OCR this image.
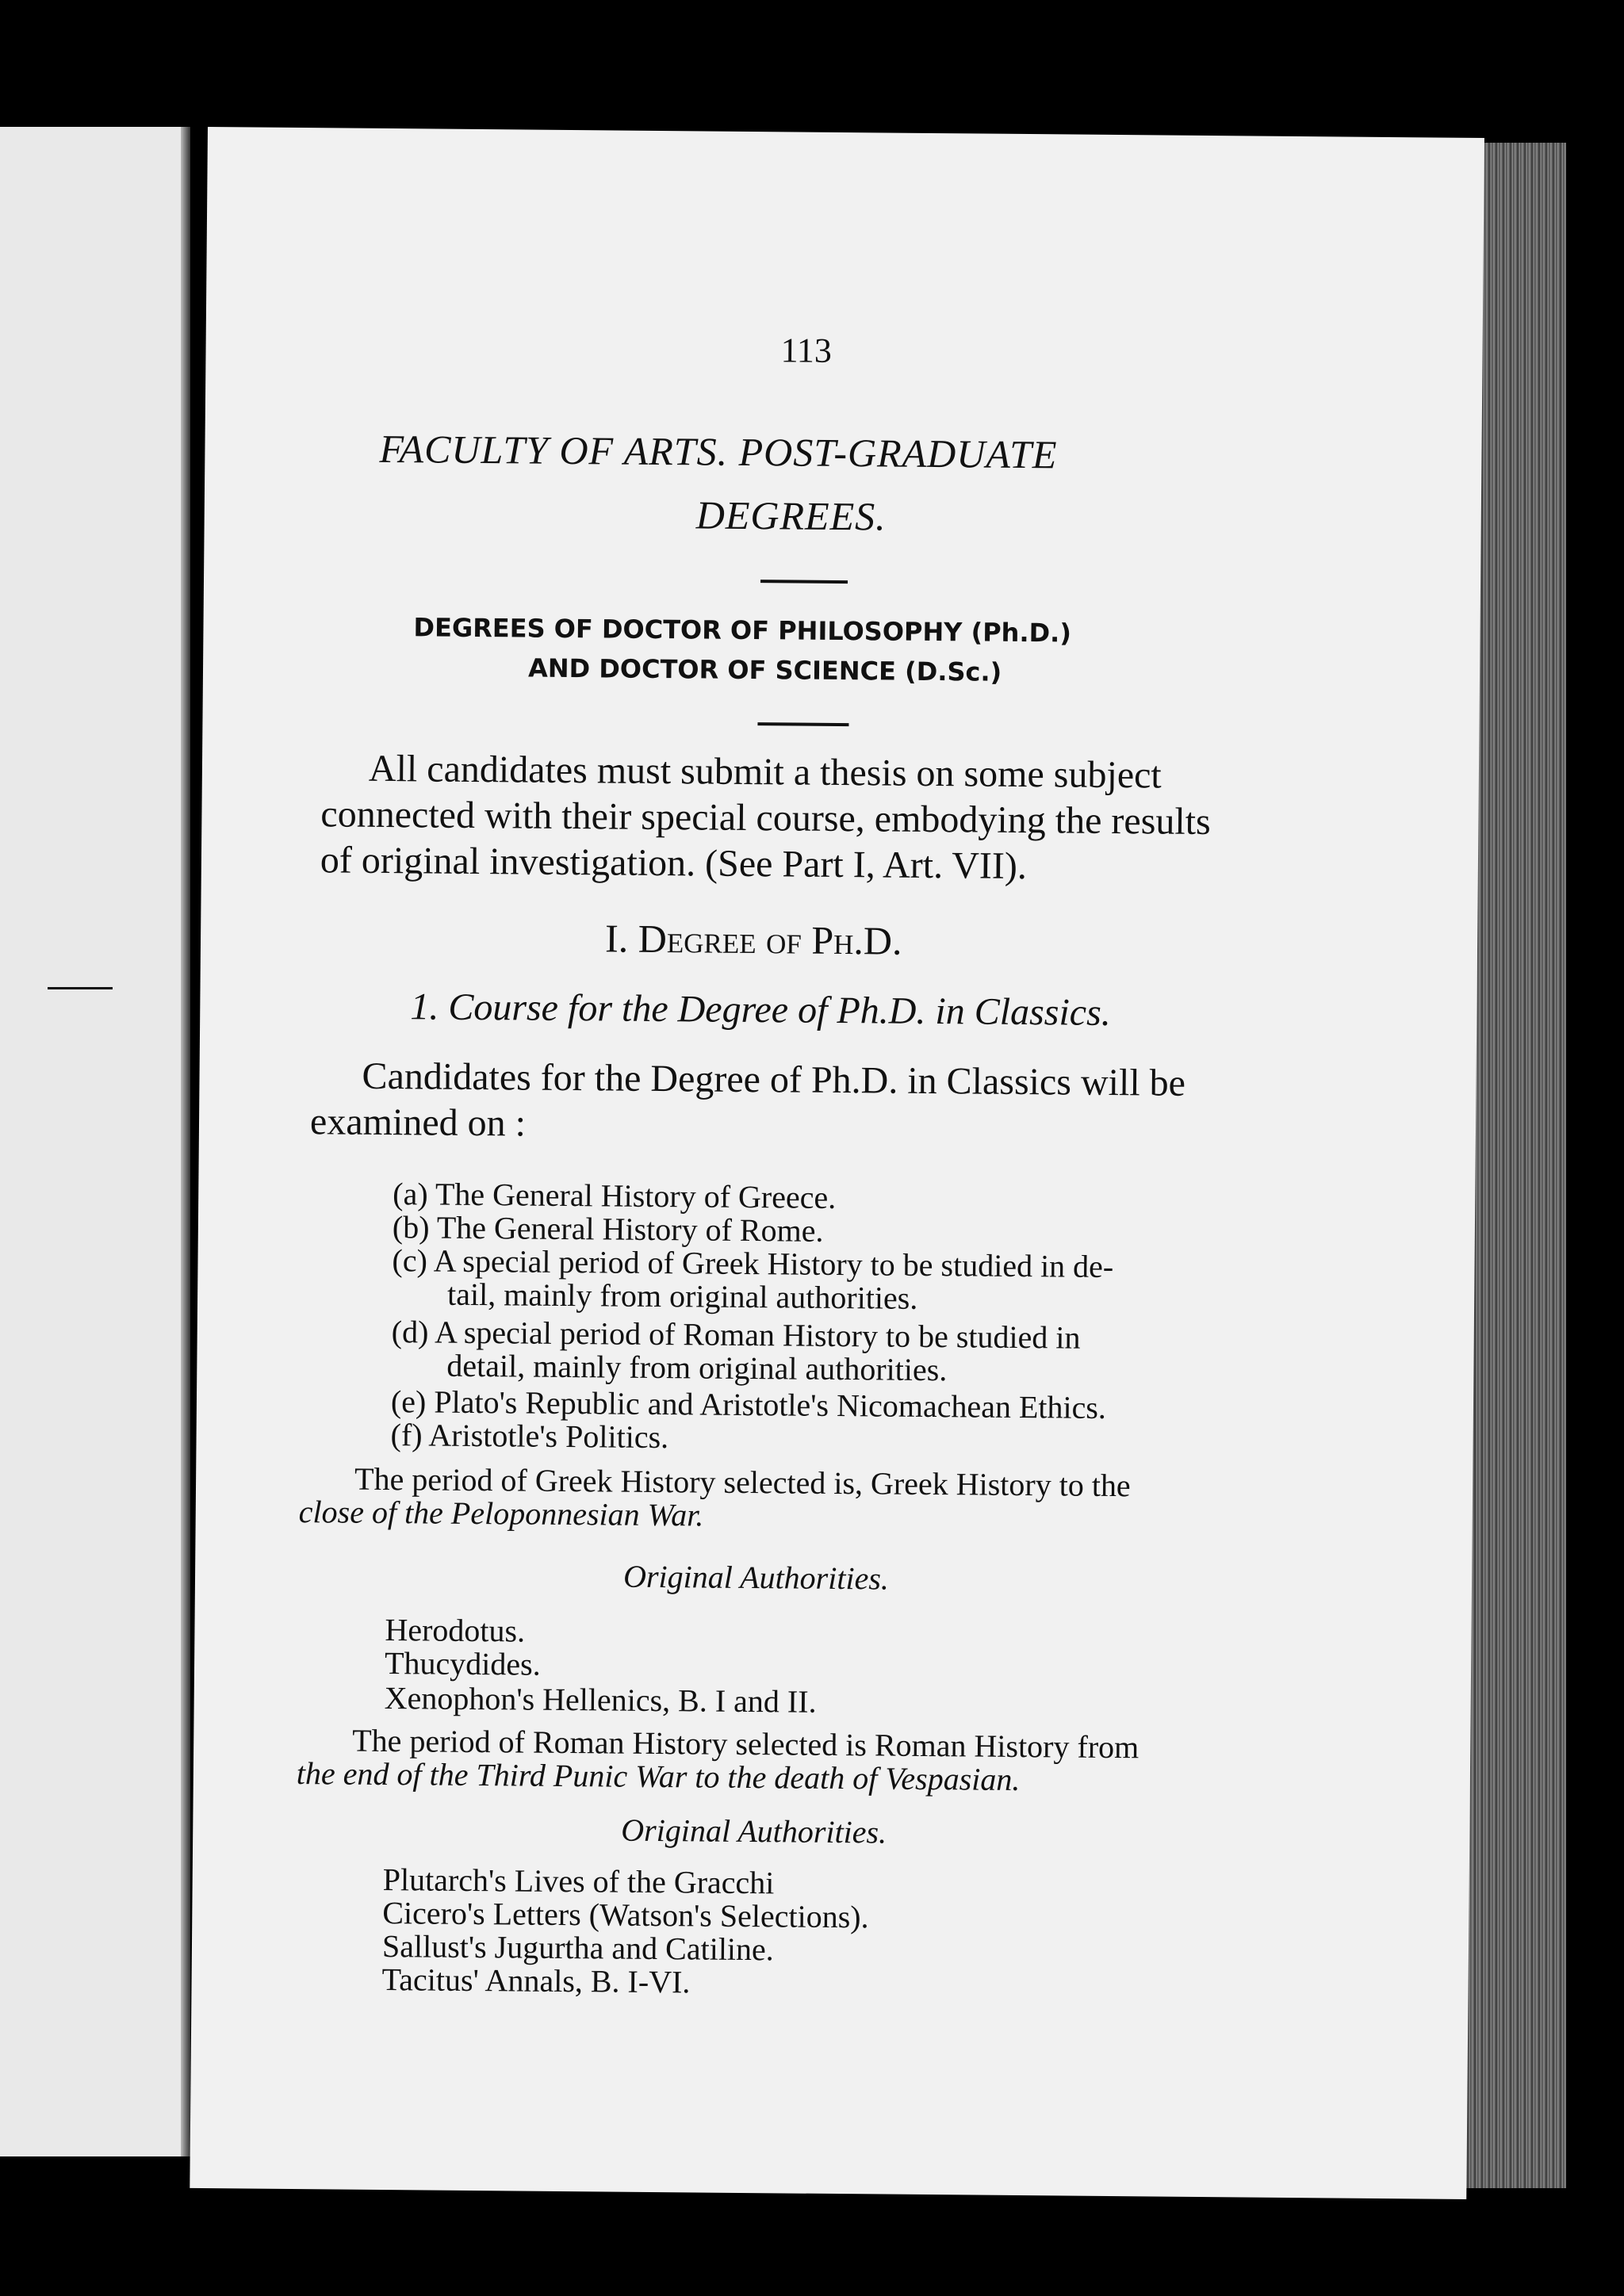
113
FACULTY OF ARTS. POST-GRADUATE
DEGREES.
DEGREES OF DOCTOR OF PHILOSOPHY (Ph.D.)
AND DOCTOR OF SCIENCE (D.Sc.)
All candidates must submit a thesis on some subject
connected with their special course, embodying the results
of original investigation. (See Part I, Art. VII).
I. Degree of Ph.D.
1. Course for the Degree of Ph.D. in Classics.
Candidates for the Degree of Ph.D. in Classics will be
examined on :
(a) The General History of Greece.
(b) The General History of Rome.
(c) A special period of Greek History to be studied in de-
tail, mainly from original authorities.
(d) A special period of Roman History to be studied in
detail, mainly from original authorities.
(e) Plato's Republic and Aristotle's Nicomachean Ethics.
(f) Aristotle's Politics.
The period of Greek History selected is, Greek History to the
close of the Peloponnesian War.
Original Authorities.
Herodotus.
Thucydides.
Xenophon's Hellenics, B. I and II.
The period of Roman History selected is Roman History from
the end of the Third Punic War to the death of Vespasian.
Original Authorities.
Plutarch's Lives of the Gracchi
Cicero's Letters (Watson's Selections).
Sallust's Jugurtha and Catiline.
Tacitus' Annals, B. I-VI.
